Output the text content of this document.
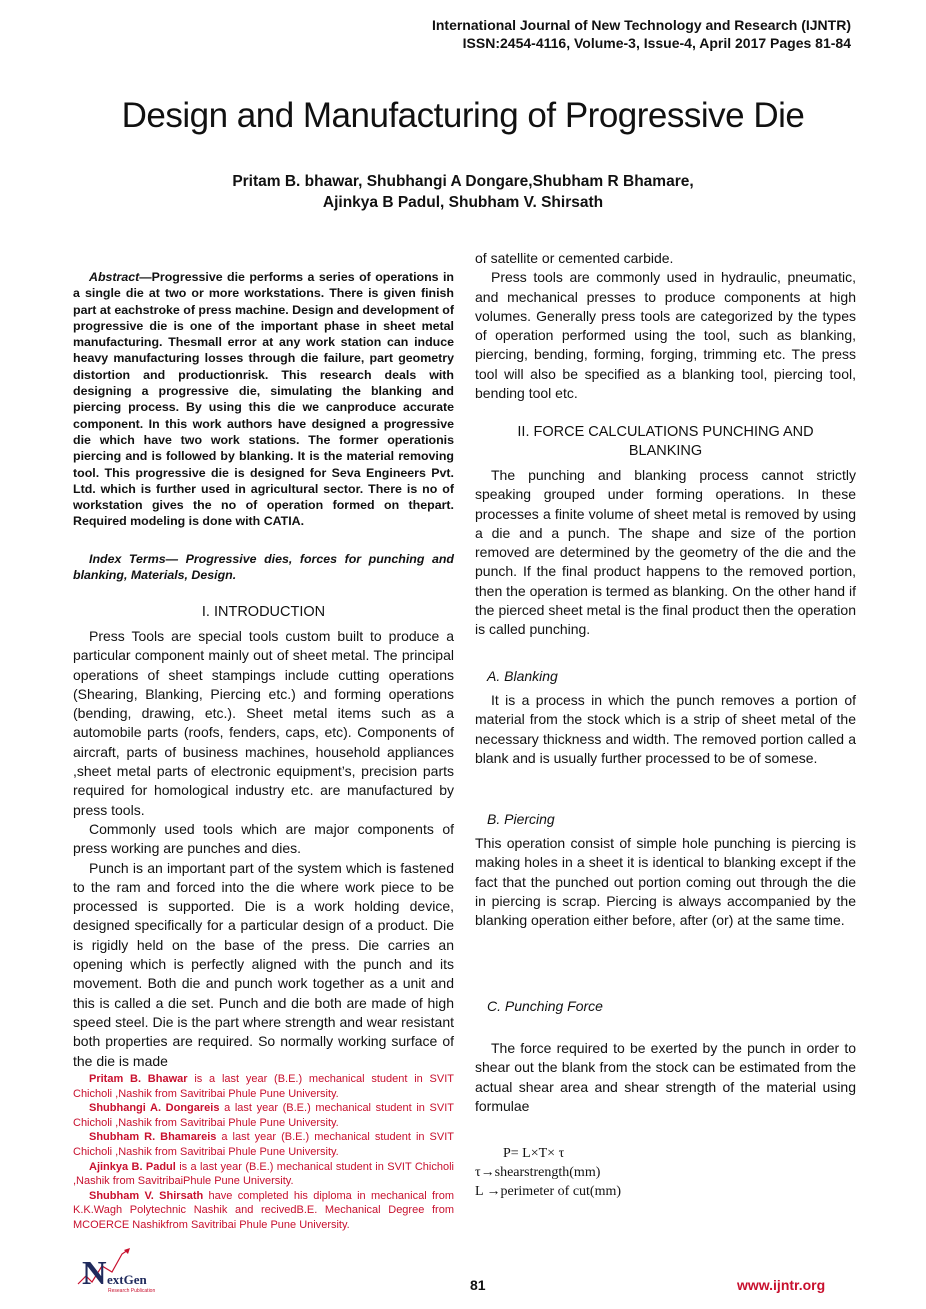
International Journal of New Technology and Research (IJNTR)
ISSN:2454-4116, Volume-3, Issue-4, April 2017 Pages 81-84
Design and Manufacturing of Progressive Die
Pritam B. bhawar, Shubhangi A Dongare,Shubham R Bhamare,
Ajinkya B Padul, Shubham V. Shirsath
Abstract—Progressive die performs a series of operations in a single die at two or more workstations. There is given finish part at eachstroke of press machine. Design and development of progressive die is one of the important phase in sheet metal manufacturing. Thesmall error at any work station can induce heavy manufacturing losses through die failure, part geometry distortion and productionrisk. This research deals with designing a progressive die, simulating the blanking and piercing process. By using this die we canproduce accurate component. In this work authors have designed a progressive die which have two work stations. The former operationis piercing and is followed by blanking. It is the material removing tool. This progressive die is designed for Seva Engineers Pvt. Ltd. which is further used in agricultural sector. There is no of workstation gives the no of operation formed on thepart. Required modeling is done with CATIA.
Index Terms— Progressive dies, forces for punching and blanking, Materials, Design.
I. INTRODUCTION

Press Tools are special tools custom built to produce a particular component mainly out of sheet metal. The principal operations of sheet stampings include cutting operations (Shearing, Blanking, Piercing etc.) and forming operations (bending, drawing, etc.). Sheet metal items such as a automobile parts (roofs, fenders, caps, etc). Components of aircraft, parts of business machines, household appliances ,sheet metal parts of electronic equipment’s, precision parts required for homological industry etc. are manufactured by press tools.

Commonly used tools which are major components of press working are punches and dies.

Punch is an important part of the system which is fastened to the ram and forced into the die where work piece to be processed is supported. Die is a work holding device, designed specifically for a particular design of a product. Die is rigidly held on the base of the press. Die carries an opening which is perfectly aligned with the punch and its movement. Both die and punch work together as a unit and this is called a die set. Punch and die both are made of high speed steel. Die is the part where strength and wear resistant both properties are required. So normally working surface of the die is made

Pritam B. Bhawar is a last year (B.E.) mechanical student in SVIT Chicholi ,Nashik from Savitribai Phule Pune University.

Shubhangi A. Dongareis a last year (B.E.) mechanical student in SVIT Chicholi ,Nashik from Savitribai Phule Pune University.

Shubham R. Bhamareis a last year (B.E.) mechanical student in SVIT Chicholi ,Nashik from Savitribai Phule Pune University.

Ajinkya B. Padul is a last year (B.E.) mechanical student in SVIT Chicholi ,Nashik from SavitribaiPhule Pune University.

Shubham V. Shirsath have completed his diploma in mechanical from K.K.Wagh Polytechnic Nashik and recivedB.E. Mechanical Degree from MCOERCE Nashikfrom Savitribai Phule Pune University.

of satellite or cemented carbide.

Press tools are commonly used in hydraulic, pneumatic, and mechanical presses to produce components at high volumes. Generally press tools are categorized by the types of operation performed using the tool, such as blanking, piercing, bending, forming, forging, trimming etc. The press tool will also be specified as a blanking tool, piercing tool, bending tool etc.

II. FORCE CALCULATIONS PUNCHING AND
BLANKING

The punching and blanking process cannot strictly speaking grouped under forming operations. In these processes a finite volume of sheet metal is removed by using a die and a punch. The shape and size of the portion removed are determined by the geometry of the die and the punch. If the final product happens to the removed portion, then the operation is termed as blanking. On the other hand if the pierced sheet metal is the final product then the operation is called punching.

A. Blanking

It is a process in which the punch removes a portion of material from the stock which is a strip of sheet metal of the necessary thickness and width. The removed portion called a blank and is usually further processed to be of somese.

B. Piercing

This operation consist of simple hole punching is piercing is making holes in a sheet it is identical to blanking except if the fact that the punched out portion coming out through the die in piercing is scrap. Piercing is always accompanied by the blanking operation either before, after (or) at the same time.

C. Punching Force

The force required to be exerted by the punch in order to shear out the blank from the stock can be estimated from the actual shear area and shear strength of the material using formulae

P= L×T× τ
τ→shearstrength(mm)
L →perimeter of cut(mm)
N extGen
Research Publication	81	www.ijntr.org
